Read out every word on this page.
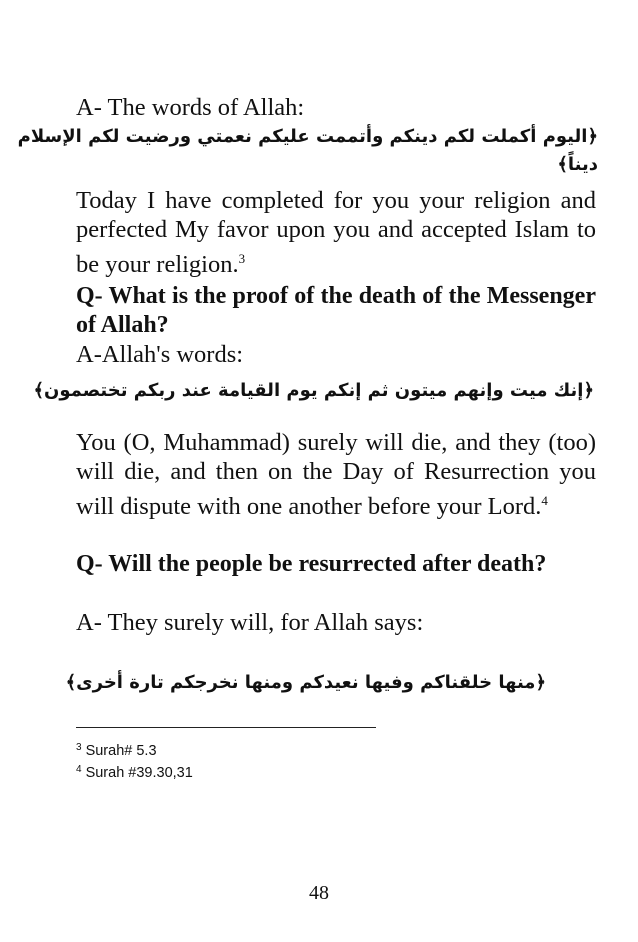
A- The words of Allah:

﴿اليوم أكملت لكم دينكم وأتممت عليكم نعمتي ورضيت لكم الإسلام

ديناً﴾

Today I have completed for you your religion and perfected My favor upon you and accepted Islam to be your religion.$^3$

Q- What is the proof of the death of the Messenger of Allah?

A-Allah's words:

﴿إنك ميت وإنهم ميتون ثم إنكم يوم القيامة عند ربكم تختصمون﴾

You (O, Muhammad) surely will die, and they (too) will die, and then on the Day of Resurrection you will dispute with one another before your Lord.$^4$

Q- Will the people be resurrected after death?

A- They surely will, for Allah says:

﴿منها خلقناكم وفيها نعيدكم ومنها نخرجكم تارة أخرى﴾

$^3$ Surah# 5.3

$^4$ Surah #39.30,31

48
